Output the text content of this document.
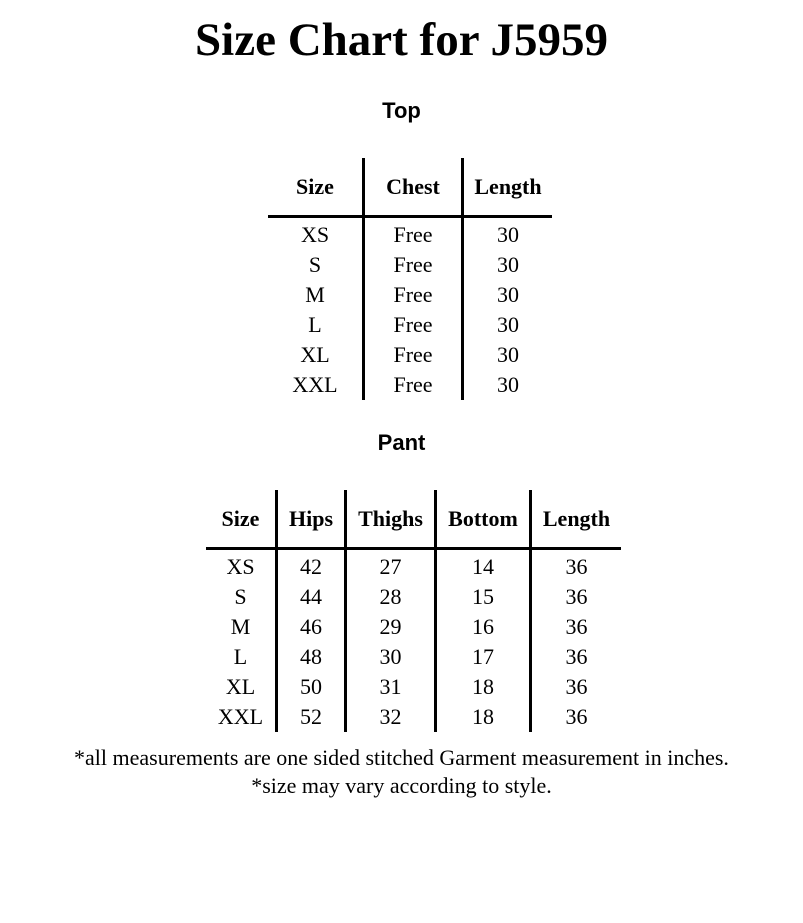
Size Chart for J5959
Top
Size	Chest	Length
XS	Free	30
S	Free	30
M	Free	30
L	Free	30
XL	Free	30
XXL	Free	30
Pant
Size	Hips	Thighs	Bottom	Length
XS	42	27	14	36
S	44	28	15	36
M	46	29	16	36
L	48	30	17	36
XL	50	31	18	36
XXL	52	32	18	36
*all measurements are one sided stitched Garment measurement in inches.
*size may vary according to style.
